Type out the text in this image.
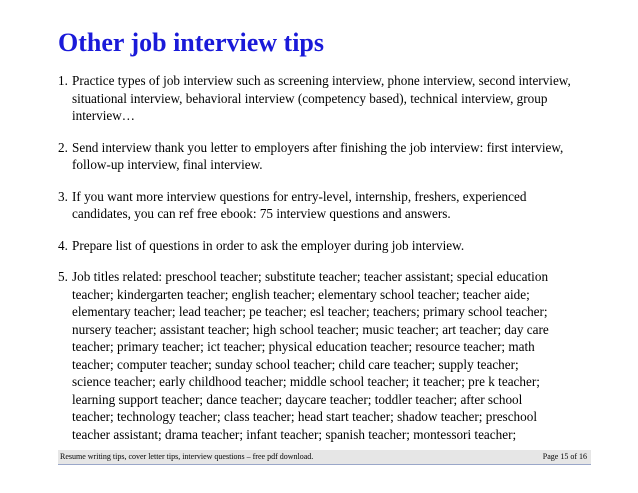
Other job interview tips
1. Practice types of job interview such as screening interview, phone interview, second interview,
situational interview, behavioral interview (competency based), technical interview, group
interview…
2. Send interview thank you letter to employers after finishing the job interview: first interview,
follow-up interview, final interview.
3. If you want more interview questions for entry-level, internship, freshers, experienced
candidates, you can ref free ebook: 75 interview questions and answers.
4. Prepare list of questions in order to ask the employer during job interview.
5. Job titles related: preschool teacher; substitute teacher; teacher assistant; special education
teacher; kindergarten teacher; english teacher; elementary school teacher; teacher aide;
elementary teacher; lead teacher; pe teacher; esl teacher; teachers; primary school teacher;
nursery teacher; assistant teacher; high school teacher; music teacher; art teacher; day care
teacher; primary teacher; ict teacher; physical education teacher; resource teacher; math
teacher; computer teacher; sunday school teacher; child care teacher; supply teacher;
science teacher; early childhood teacher; middle school teacher; it teacher; pre k teacher;
learning support teacher; dance teacher; daycare teacher; toddler teacher; after school
teacher; technology teacher; class teacher; head start teacher; shadow teacher; preschool
teacher assistant; drama teacher; infant teacher; spanish teacher; montessori teacher;
Resume writing tips, cover letter tips, interview questions – free pdf download.	Page 15 of 16
